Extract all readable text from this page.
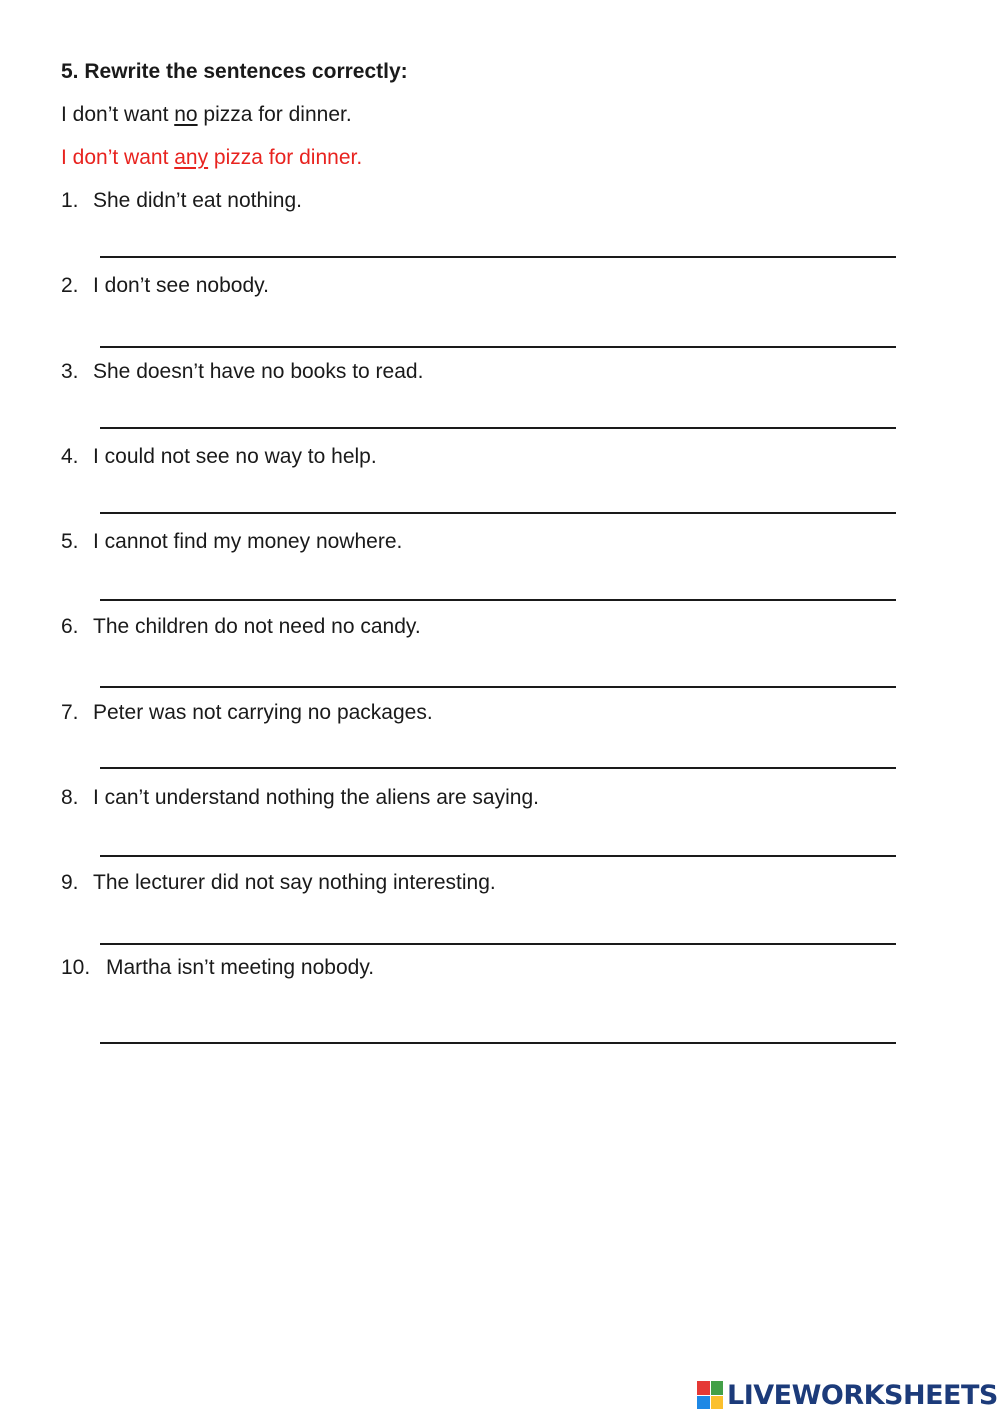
5. Rewrite the sentences correctly:
I don’t want no pizza for dinner.
I don’t want any pizza for dinner.
1. She didn’t eat nothing.
2. I don’t see nobody.
3. She doesn’t have no books to read.
4. I could not see no way to help.
5. I cannot find my money nowhere.
6. The children do not need no candy.
7. Peter was not carrying no packages.
8. I can’t understand nothing the aliens are saying.
9. The lecturer did not say nothing interesting.
10. Martha isn’t meeting nobody.
LIVEWORKSHEETS
